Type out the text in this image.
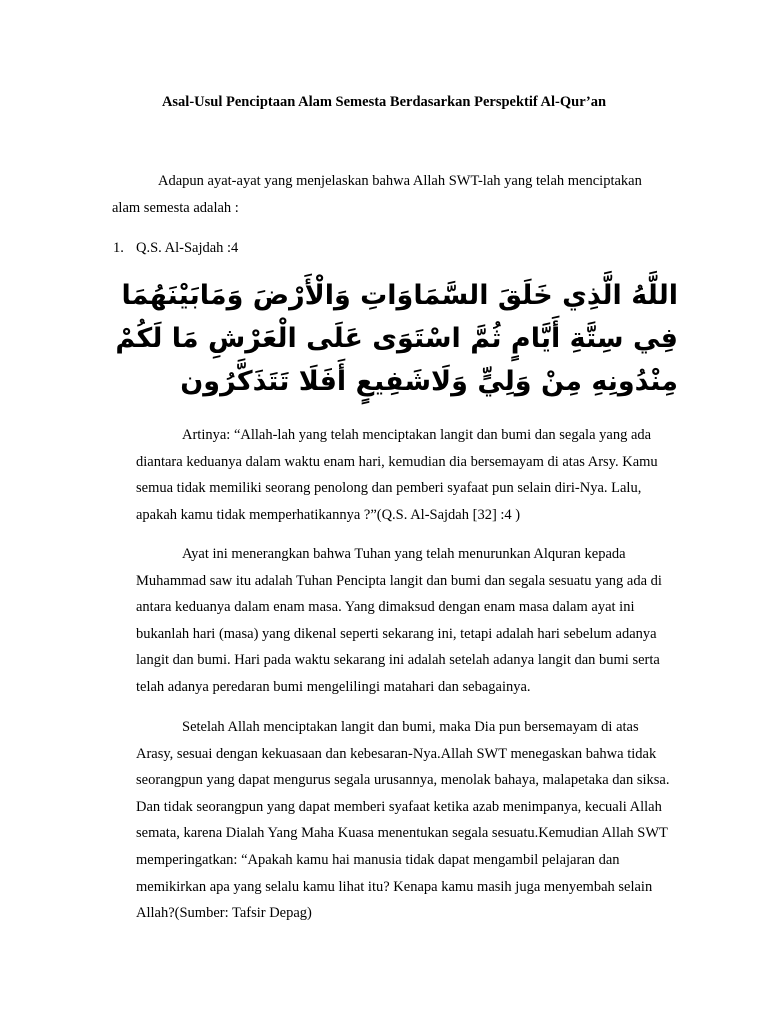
Asal-Usul Penciptaan Alam Semesta Berdasarkan Perspektif Al-Qur’an
Adapun ayat-ayat yang menjelaskan bahwa Allah SWT-lah yang telah menciptakan alam semesta adalah :
1. Q.S. Al-Sajdah :4
اللَّهُ الَّذِي خَلَقَ السَّمَاوَاتِ وَالْأَرْضَ وَمَابَيْنَهُمَا فِي سِتَّةِ أَيَّامٍ ثُمَّ اسْتَوَى عَلَى الْعَرْشِ مَا لَكُمْ مِنْدُونِهِ مِنْ وَلِيٍّ وَلَاشَفِيعٍ أَفَلَا تَتَذَكَّرُون

Artinya: “Allah-lah yang telah menciptakan langit dan bumi dan segala yang ada diantara keduanya dalam waktu enam hari, kemudian dia bersemayam di atas Arsy. Kamu semua tidak memiliki seorang penolong dan pemberi syafaat pun selain diri-Nya. Lalu, apakah kamu tidak memperhatikannya ?”(Q.S. Al-Sajdah [32] :4 )

Ayat ini menerangkan bahwa Tuhan yang telah menurunkan Alquran kepada Muhammad saw itu adalah Tuhan Pencipta langit dan bumi dan segala sesuatu yang ada di antara keduanya dalam enam masa. Yang dimaksud dengan enam masa dalam ayat ini bukanlah hari (masa) yang dikenal seperti sekarang ini, tetapi adalah hari sebelum adanya langit dan bumi. Hari pada waktu sekarang ini adalah setelah adanya langit dan bumi serta telah adanya peredaran bumi mengelilingi matahari dan sebagainya.

Setelah Allah menciptakan langit dan bumi, maka Dia pun bersemayam di atas Arasy, sesuai dengan kekuasaan dan kebesaran-Nya.Allah SWT menegaskan bahwa tidak seorangpun yang dapat mengurus segala urusannya, menolak bahaya, malapetaka dan siksa. Dan tidak seorangpun yang dapat memberi syafaat ketika azab menimpanya, kecuali Allah semata, karena Dialah Yang Maha Kuasa menentukan segala sesuatu.Kemudian Allah SWT memperingatkan: “Apakah kamu hai manusia tidak dapat mengambil pelajaran dan memikirkan apa yang selalu kamu lihat itu? Kenapa kamu masih juga menyembah selain Allah?(Sumber: Tafsir Depag)
